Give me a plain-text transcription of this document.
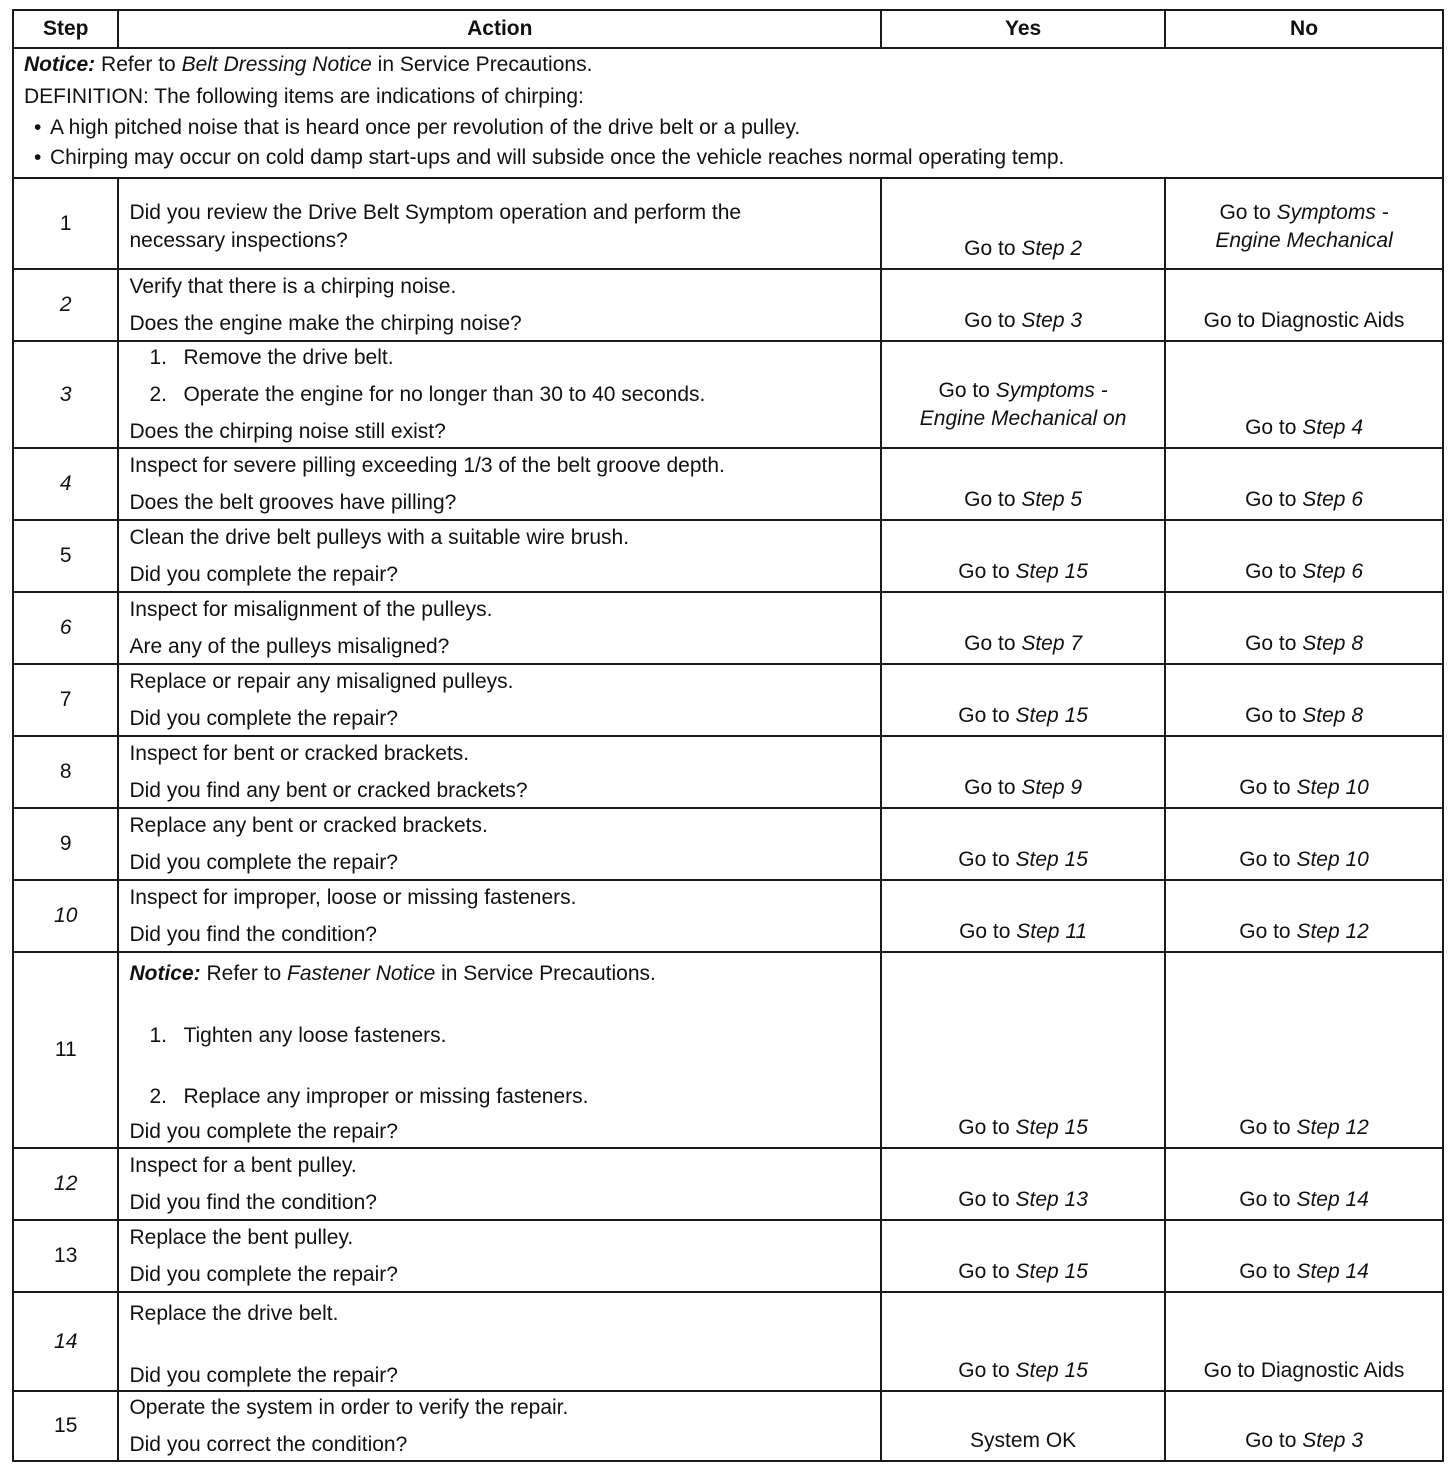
Step	Action	Yes	No

Notice: Refer to Belt Dressing Notice in Service Precautions.
DEFINITION: The following items are indications of chirping:
• A high pitched noise that is heard once per revolution of the drive belt or a pulley.
• Chirping may occur on cold damp start-ups and will subside once the vehicle reaches normal operating temp.

1	Did you review the Drive Belt Symptom operation and perform the
necessary inspections?	Go to Step 2	Go to Symptoms -
Engine Mechanical

2	Verify that there is a chirping noise.
Does the engine make the chirping noise?	Go to Step 3	Go to Diagnostic Aids
3	1. Remove the drive belt.
2. Operate the engine for no longer than 30 to 40 seconds.
Does the chirping noise still exist?	Go to Symptoms -
Engine Mechanical on	Go to Step 4
4	Inspect for severe pilling exceeding 1/3 of the belt groove depth.
Does the belt grooves have pilling?	Go to Step 5	Go to Step 6
5	Clean the drive belt pulleys with a suitable wire brush.
Did you complete the repair?	Go to Step 15	Go to Step 6
6	Inspect for misalignment of the pulleys.
Are any of the pulleys misaligned?	Go to Step 7	Go to Step 8
7	Replace or repair any misaligned pulleys.
Did you complete the repair?	Go to Step 15	Go to Step 8
8	Inspect for bent or cracked brackets.
Did you find any bent or cracked brackets?	Go to Step 9	Go to Step 10
9	Replace any bent or cracked brackets.
Did you complete the repair?	Go to Step 15	Go to Step 10
10	Inspect for improper, loose or missing fasteners.
Did you find the condition?	Go to Step 11	Go to Step 12
11	Notice: Refer to Fastener Notice in Service Precautions.
1. Tighten any loose fasteners.
2. Replace any improper or missing fasteners.
Did you complete the repair?	Go to Step 15	Go to Step 12
12	Inspect for a bent pulley.
Did you find the condition?	Go to Step 13	Go to Step 14
13	Replace the bent pulley.
Did you complete the repair?	Go to Step 15	Go to Step 14
14	Replace the drive belt.
Did you complete the repair?	Go to Step 15	Go to Diagnostic Aids
15	Operate the system in order to verify the repair.
Did you correct the condition?	System OK	Go to Step 3
